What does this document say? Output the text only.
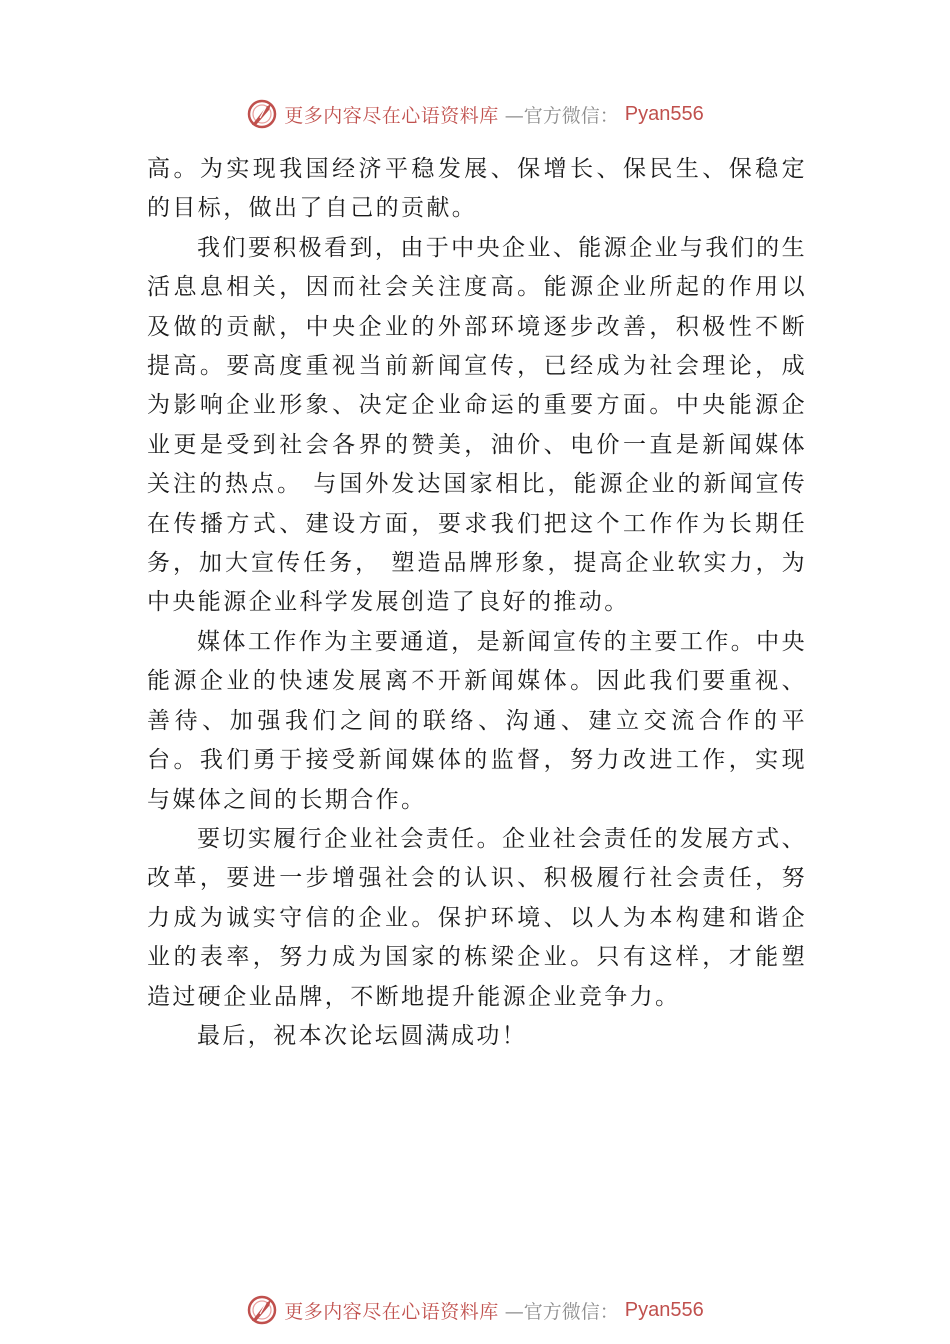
更多内容尽在心语资料库 —官方微信： Pyan556

高。为实现我国经济平稳发展、保增长、保民生、保稳定的目标，做出了自己的贡献。

我们要积极看到，由于中央企业、能源企业与我们的生活息息相关，因而社会关注度高。能源企业所起的作用以及做的贡献，中央企业的外部环境逐步改善，积极性不断提高。要高度重视当前新闻宣传，已经成为社会理论，成为影响企业形象、决定企业命运的重要方面。中央能源企业更是受到社会各界的赞美，油价、电价一直是新闻媒体关注的热点。 与国外发达国家相比，能源企业的新闻宣传在传播方式、建设方面，要求我们把这个工作作为长期任务，加大宣传任务， 塑造品牌形象，提高企业软实力，为中央能源企业科学发展创造了良好的推动。

媒体工作作为主要通道，是新闻宣传的主要工作。中央能源企业的快速发展离不开新闻媒体。因此我们要重视、善待、加强我们之间的联络、沟通、建立交流合作的平台。我们勇于接受新闻媒体的监督，努力改进工作，实现与媒体之间的长期合作。

要切实履行企业社会责任。企业社会责任的发展方式、改革，要进一步增强社会的认识、积极履行社会责任，努力成为诚实守信的企业。保护环境、以人为本构建和谐企业的表率，努力成为国家的栋梁企业。只有这样，才能塑造过硬企业品牌，不断地提升能源企业竞争力。

最后，祝本次论坛圆满成功！

更多内容尽在心语资料库 —官方微信： Pyan556
